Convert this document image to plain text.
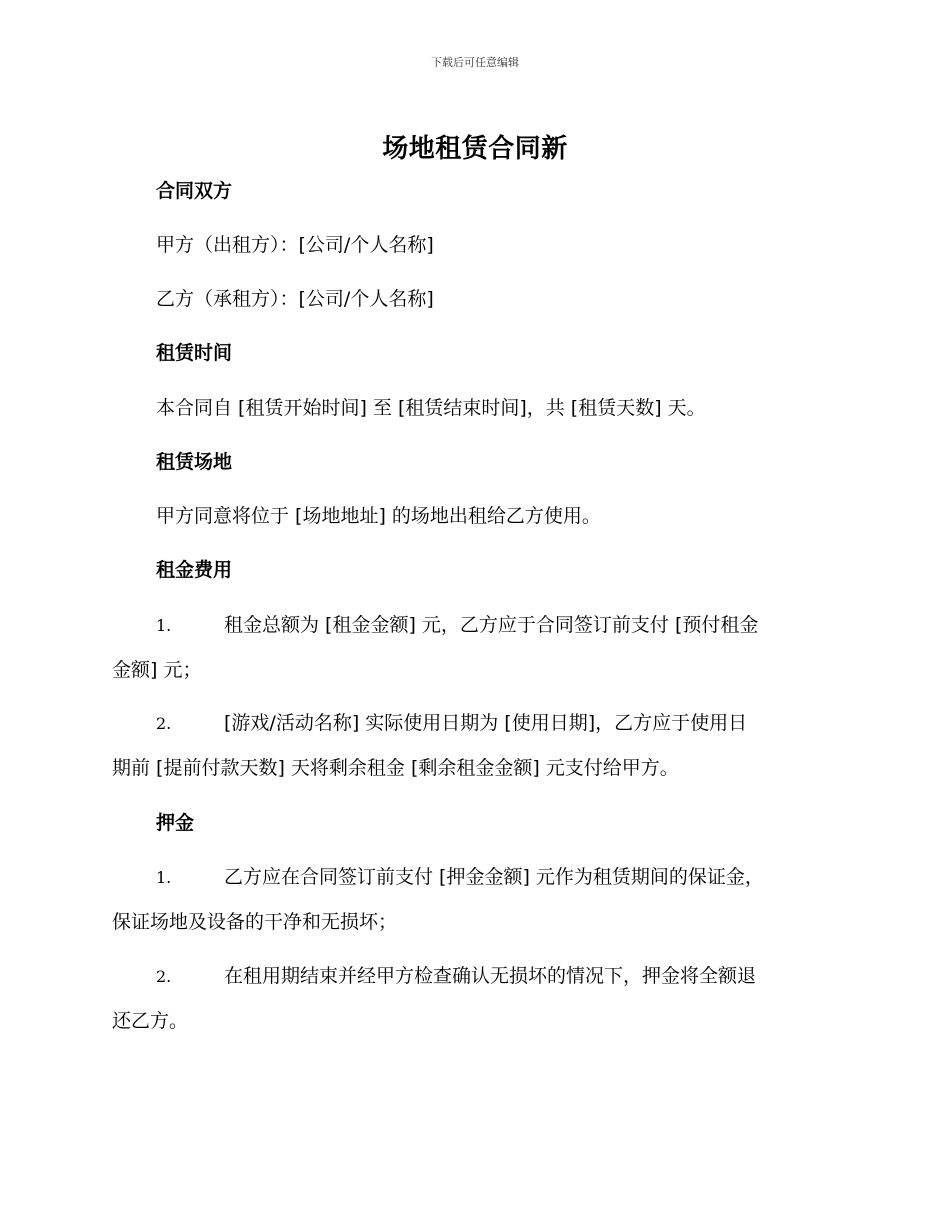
下载后可任意编辑
场地租赁合同新
合同双方
甲方（出租方）：[公司/个人名称]
乙方（承租方）：[公司/个人名称]
租赁时间
本合同自 [租赁开始时间] 至 [租赁结束时间]，共 [租赁天数] 天。
租赁场地
甲方同意将位于 [场地地址] 的场地出租给乙方使用。
租金费用
1.	租金总额为 [租金金额] 元，乙方应于合同签订前支付 [预付租金
金额] 元；
2.	[游戏/活动名称] 实际使用日期为 [使用日期]，乙方应于使用日
期前 [提前付款天数] 天将剩余租金 [剩余租金金额] 元支付给甲方。
押金
1.	乙方应在合同签订前支付 [押金金额] 元作为租赁期间的保证金，
保证场地及设备的干净和无损坏；
2.	在租用期结束并经甲方检查确认无损坏的情况下，押金将全额退
还乙方。
